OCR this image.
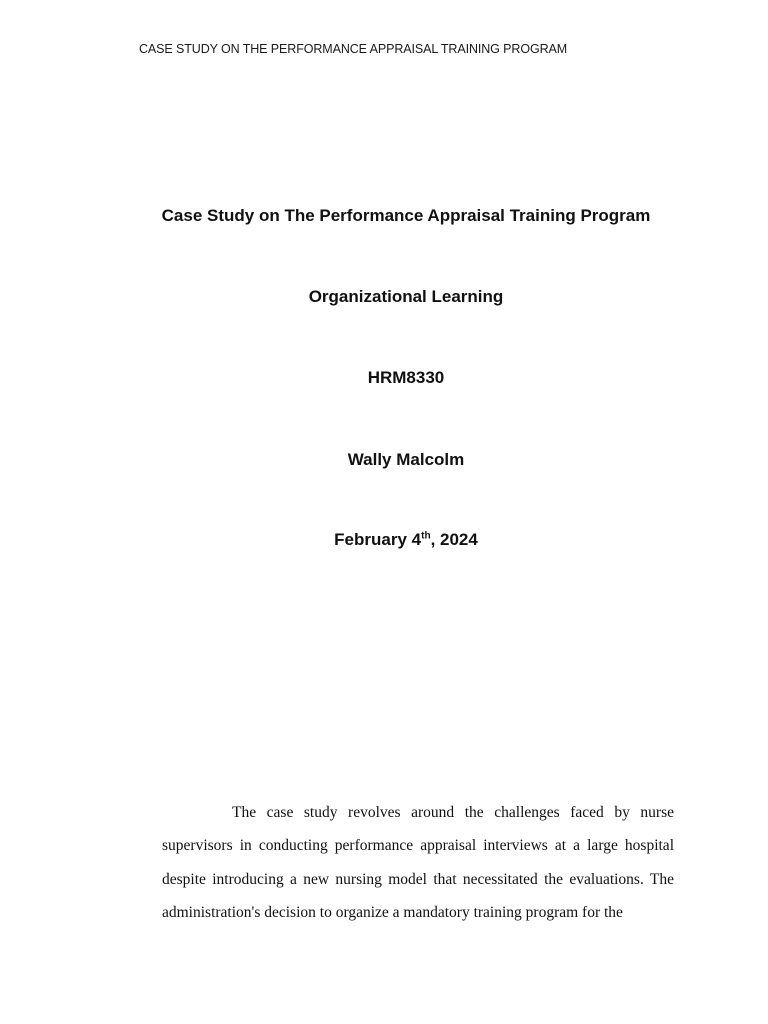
CASE STUDY ON THE PERFORMANCE APPRAISAL TRAINING PROGRAM
Case Study on The Performance Appraisal Training Program
Organizational Learning
HRM8330
Wally Malcolm
February 4th, 2024

The case study revolves around the challenges faced by nurse supervisors in conducting performance appraisal interviews at a large hospital despite introducing a new nursing model that necessitated the evaluations. The administration's decision to organize a mandatory training program for the
